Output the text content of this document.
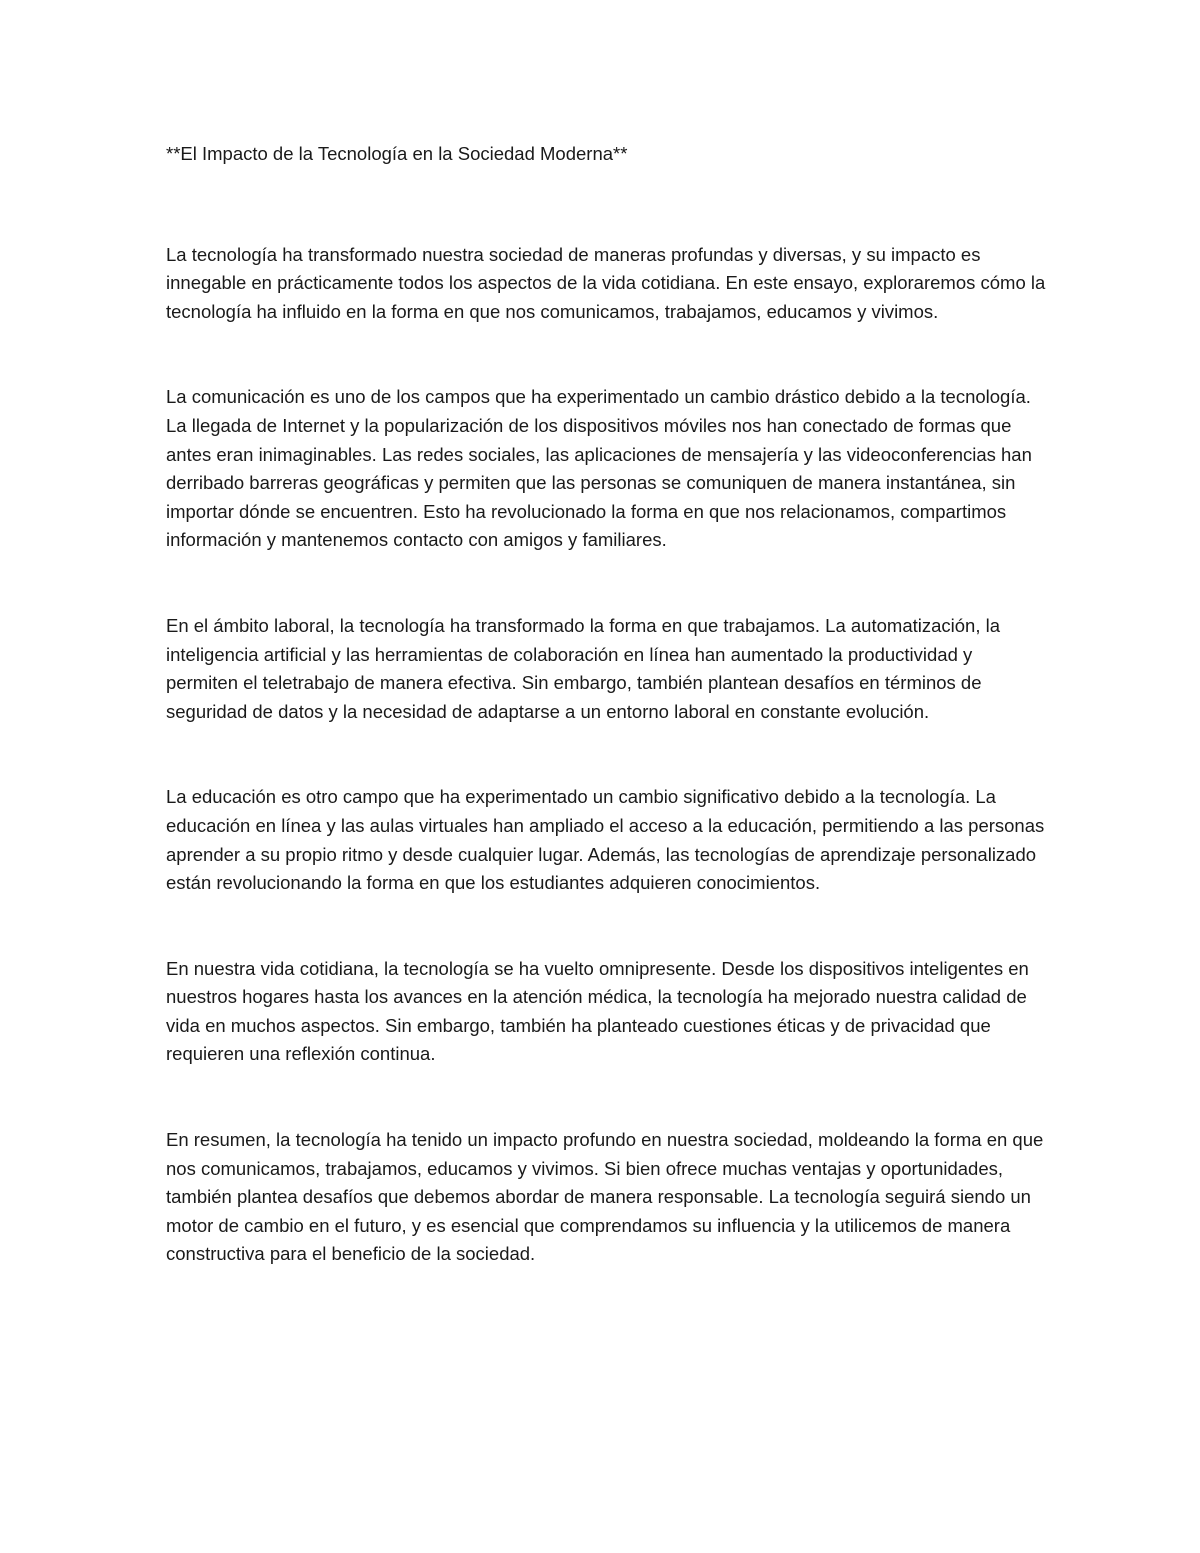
**El Impacto de la Tecnología en la Sociedad Moderna**

La tecnología ha transformado nuestra sociedad de maneras profundas y diversas, y su impacto es innegable en prácticamente todos los aspectos de la vida cotidiana. En este ensayo, exploraremos cómo la tecnología ha influido en la forma en que nos comunicamos, trabajamos, educamos y vivimos.

La comunicación es uno de los campos que ha experimentado un cambio drástico debido a la tecnología. La llegada de Internet y la popularización de los dispositivos móviles nos han conectado de formas que antes eran inimaginables. Las redes sociales, las aplicaciones de mensajería y las videoconferencias han derribado barreras geográficas y permiten que las personas se comuniquen de manera instantánea, sin importar dónde se encuentren. Esto ha revolucionado la forma en que nos relacionamos, compartimos información y mantenemos contacto con amigos y familiares.

En el ámbito laboral, la tecnología ha transformado la forma en que trabajamos. La automatización, la inteligencia artificial y las herramientas de colaboración en línea han aumentado la productividad y permiten el teletrabajo de manera efectiva. Sin embargo, también plantean desafíos en términos de seguridad de datos y la necesidad de adaptarse a un entorno laboral en constante evolución.

La educación es otro campo que ha experimentado un cambio significativo debido a la tecnología. La educación en línea y las aulas virtuales han ampliado el acceso a la educación, permitiendo a las personas aprender a su propio ritmo y desde cualquier lugar. Además, las tecnologías de aprendizaje personalizado están revolucionando la forma en que los estudiantes adquieren conocimientos.

En nuestra vida cotidiana, la tecnología se ha vuelto omnipresente. Desde los dispositivos inteligentes en nuestros hogares hasta los avances en la atención médica, la tecnología ha mejorado nuestra calidad de vida en muchos aspectos. Sin embargo, también ha planteado cuestiones éticas y de privacidad que requieren una reflexión continua.

En resumen, la tecnología ha tenido un impacto profundo en nuestra sociedad, moldeando la forma en que nos comunicamos, trabajamos, educamos y vivimos. Si bien ofrece muchas ventajas y oportunidades, también plantea desafíos que debemos abordar de manera responsable. La tecnología seguirá siendo un motor de cambio en el futuro, y es esencial que comprendamos su influencia y la utilicemos de manera constructiva para el beneficio de la sociedad.
